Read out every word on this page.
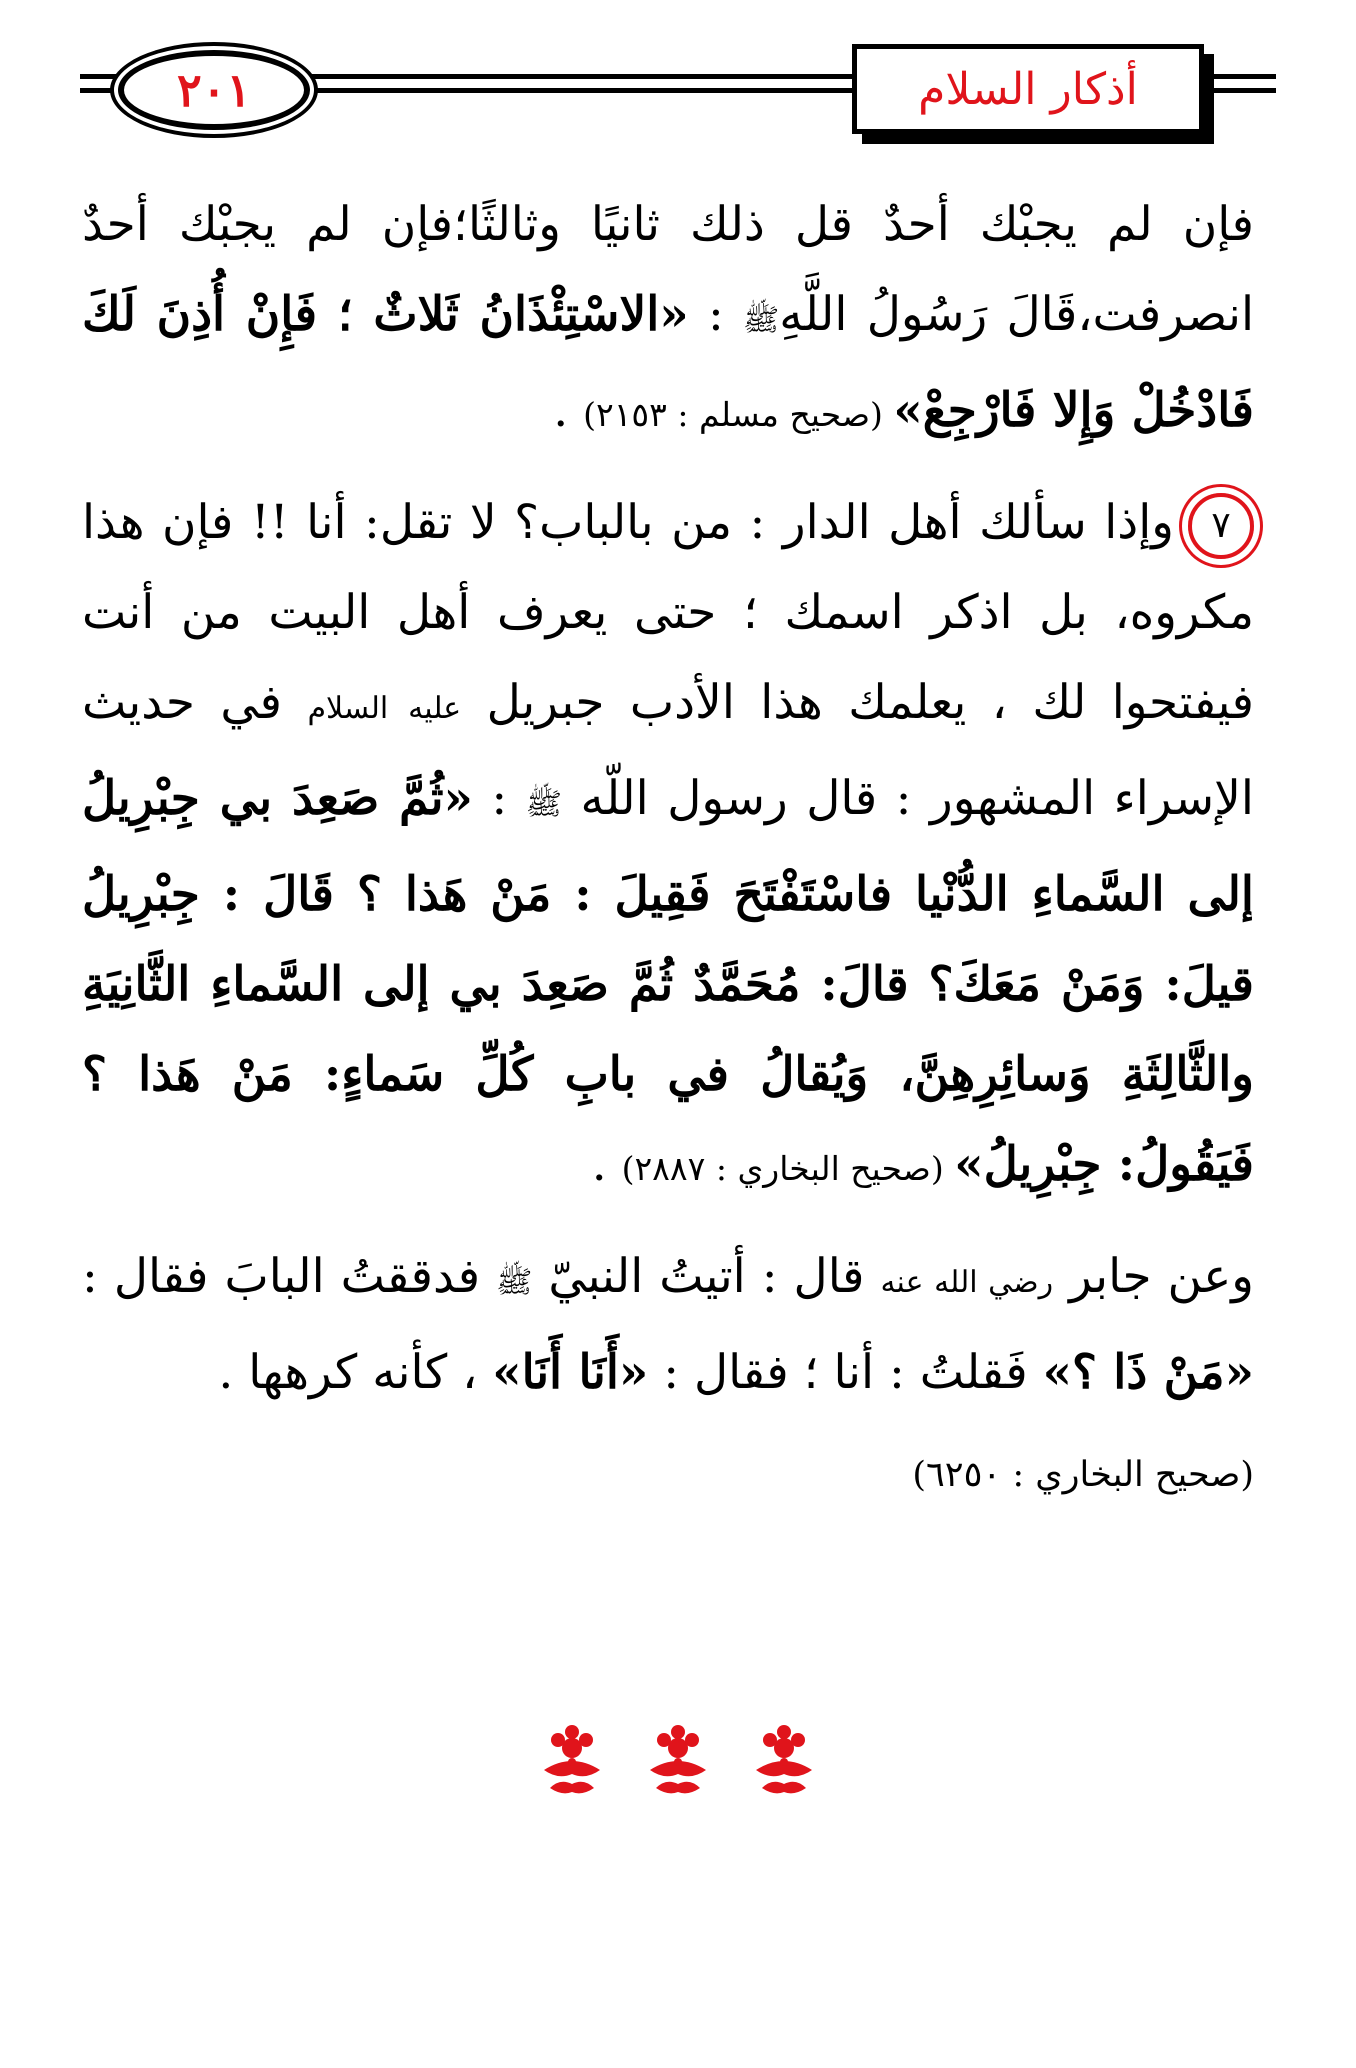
٢٠١	أذكار السلام

فإن لم يجبْك أحدٌ قل ذلك ثانيًا وثالثًا؛فإن لم يجبْك أحدٌ انصرفت،قَالَ رَسُولُ اللَّهِﷺ : «الاسْتِئْذَانُ ثَلاثٌ ؛ فَإِنْ أُذِنَ لَكَ فَادْخُلْ وَإِلا فَارْجِعْ» (صحيح مسلم : ٢١٥٣) .

٧وإذا سألك أهل الدار : من بالباب؟ لا تقل: أنا !! فإن هذا مكروه، بل اذكر اسمك ؛ حتى يعرف أهل البيت من أنت فيفتحوا لك ، يعلمك هذا الأدب جبريل عليه السلام في حديث الإسراء المشهور : قال رسول اللّه ﷺ : «ثُمَّ صَعِدَ بي جِبْرِيلُ إلى السَّماءِ الدُّنْيا فاسْتَفْتَحَ فَقِيلَ : مَنْ هَذا ؟ قَالَ : جِبْرِيلُ قيلَ: وَمَنْ مَعَكَ؟ قالَ: مُحَمَّدٌ ثُمَّ صَعِدَ بي إلى السَّماءِ الثَّانِيَةِ والثَّالِثَةِ وَسائِرِهِنَّ، وَيُقالُ في بابِ كُلِّ سَماءٍ: مَنْ هَذا ؟ فَيَقُولُ: جِبْرِيلُ» (صحيح البخاري : ٢٨٨٧) .

وعن جابر رضي الله عنه قال : أتيتُ النبيّ ﷺ فدققتُ البابَ فقال : «مَنْ ذَا ؟» فَقلتُ : أنا ؛ فقال : «أَنَا أَنَا» ، كأنه كرهها .

(صحيح البخاري : ٦٢٥٠)
